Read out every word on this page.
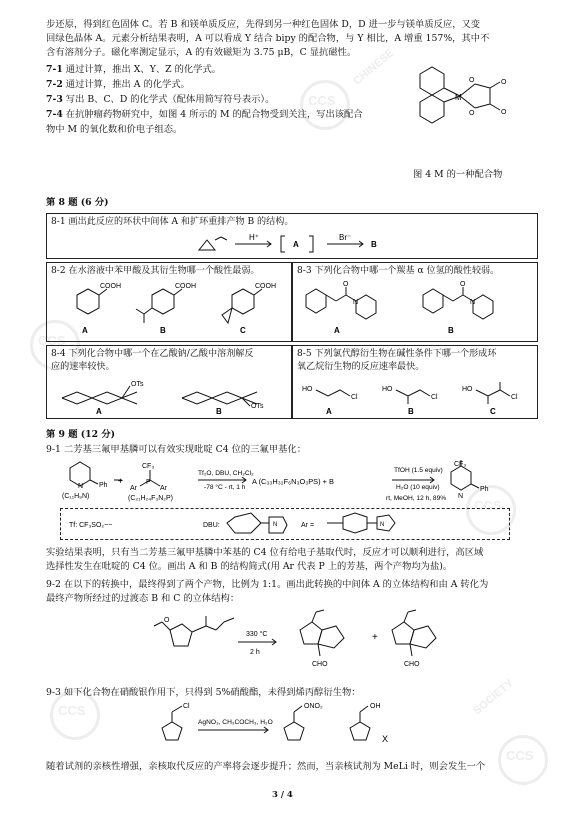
CCS
CHINESE
CCS
CCS
CCS
CCS
SOCIETY

步还原，得到红色固体 C。若 B 和镁单质反应，先得到另一种红色固体 D，D 进一步与镁单质反应，又变

回绿色晶体 A。元素分析结果表明，A 可以看成 Y 结合 bipy 的配合物，与 Y 相比，A 增重 157%，其中不

含有溶剂分子。磁化率测定显示，A 的有效磁矩为 3.75 μB，C 显抗磁性。

7-1 通过计算，推出 X、Y、Z 的化学式。

7-2 通过计算，推出 A 的化学式。

7-3 写出 B、C、D 的化学式（配体用简写符号表示）。

7-4 在抗肿瘤药物研究中，如图 4 所示的 M 的配合物受到关注，写出该配合

物中 M 的氧化数和价电子组态。

M
O
O
O
O

图 4 M 的一种配合物

第 8 题 (6 分)

8-1 画出此反应的环状中间体 A 和扩环重排产物 B 的结构。

H⁺
A
Br⁻
B

8-2 在水溶液中苯甲酸及其衍生物哪一个酸性最弱。

COOH	COOH	COOH
A	B	C

8-3 下列化合物中哪一个羰基 α 位氢的酸性较弱。

O	O
N	N
A	B

8-4 下列化合物中哪一个在乙酸钠/乙酸中溶剂解反

应的速率较快。

OTs
OTs
A	B

8-5 下列氯代醇衍生物在碱性条件下哪一个形成环

氧乙烷衍生物的反应速率最快。

HO
Cl
HO
Cl
HO
Cl
A	B	C

第 9 题 (12 分)

9-1 二芳基三氟甲基膦可以有效实现吡啶 C4 位的三氟甲基化：

N Ph
(C₁₁H₉N)
+
CF₃
P
Ar	Ar
(C₂₁H₂₄F₃N₂P)
Tf₂O, DBU, CH₂Cl₂
-78 °C - rt, 1 h
A (C₃₃H₃₂F₆N₃O₃PS) + B
TfOH (1.5 equiv)
H₂O (10 equiv)
rt, MeOH, 12 h, 89%
CF₃
N
Ph
Tf: CF₃SO₂~~	DBU:	N	Ar =	N

实验结果表明，只有当二芳基三氟甲基膦中苯基的 C4 位有给电子基取代时，反应才可以顺利进行，高区域

选择性发生在吡啶的 C4 位。画出 A 和 B 的结构简式(用 Ar 代表 P 上的芳基，两个产物均为盐)。

9-2 在以下的转换中，最终得到了两个产物，比例为 1:1。画出此转换的中间体 A 的立体结构和由 A 转化为

最终产物所经过的过渡态 B 和 C 的立体结构：

O
330 °C
2 h
CHO
+
CHO

9-3 如下化合物在硝酸银作用下，只得到 5%硝酸酯，未得到烯丙醇衍生物：

Cl
AgNO₃, CH₃COCH₃, H₂O
ONO₂	OH
X

随着试剂的亲核性增强，亲核取代反应的产率将会逐步提升；然而，当亲核试剂为 MeLi 时，则会发生一个

3 / 4
